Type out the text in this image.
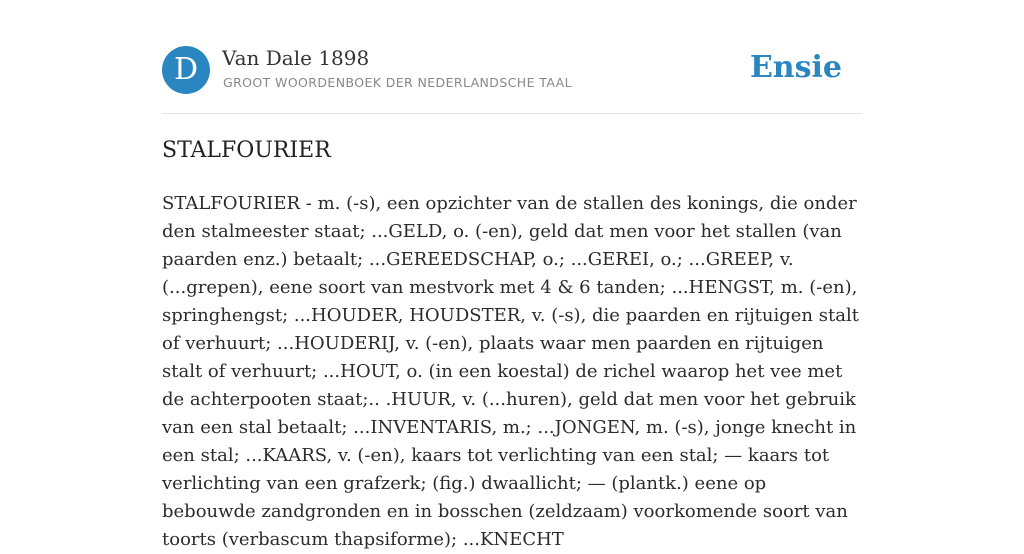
D	Van Dale 1898
GROOT WOORDENBOEK DER NEDERLANDSCHE TAAL	Ensie
STALFOURIER

STALFOURIER - m. (-s), een opzichter van de stallen des konings, die onder den stalmeester staat; ...GELD, o. (-en), geld dat men voor het stallen (van paarden enz.) betaalt; ...GEREEDSCHAP, o.; ...GEREI, o.; ...GREEP, v. (...grepen), eene soort van mestvork met 4 & 6 tanden; ...HENGST, m. (-en), springhengst; ...HOUDER, HOUDSTER, v. (-s), die paarden en rijtuigen stalt of verhuurt; ...HOUDERIJ, v. (-en), plaats waar men paarden en rijtuigen stalt of verhuurt; ...HOUT, o. (in een koestal) de richel waarop het vee met de achterpooten staat;.. .HUUR, v. (...huren), geld dat men voor het gebruik van een stal betaalt; ...INVENTARIS, m.; ...JONGEN, m. (-s), jonge knecht in een stal; ...KAARS, v. (-en), kaars tot verlichting van een stal; — kaars tot verlichting van een grafzerk; (fig.) dwaallicht; — (plantk.) eene op bebouwde zandgronden en in bosschen (zeldzaam) voorkomende soort van toorts (verbascum thapsiforme); ...KNECHT
